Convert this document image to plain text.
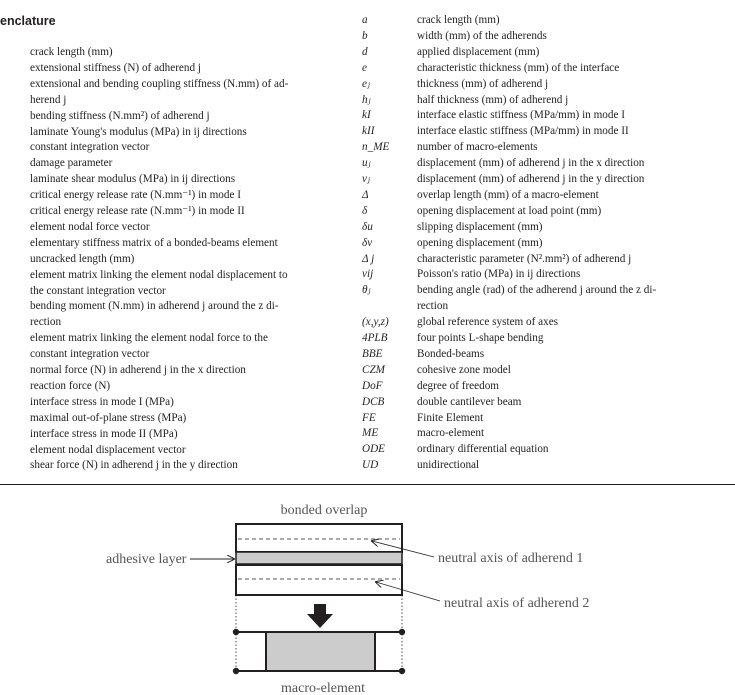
enclature
crack length (mm)
extensional stiffness (N) of adherend j
extensional and bending coupling stiffness (N.mm) of ad-
herend j
bending stiffness (N.mm²) of adherend j
laminate Young's modulus (MPa) in ij directions
constant integration vector
damage parameter
laminate shear modulus (MPa) in ij directions
critical energy release rate (N.mm⁻¹) in mode I
critical energy release rate (N.mm⁻¹) in mode II
element nodal force vector
elementary stiffness matrix of a bonded-beams element
uncracked length (mm)
element matrix linking the element nodal displacement to
the constant integration vector
bending moment (N.mm) in adherend j around the z di-
rection
element matrix linking the element nodal force to the
constant integration vector
normal force (N) in adherend j in the x direction
reaction force (N)
interface stress in mode I (MPa)
maximal out-of-plane stress (MPa)
interface stress in mode II (MPa)
element nodal displacement vector
shear force (N) in adherend j in the y direction
a	crack length (mm)
b	width (mm) of the adherends
d	applied displacement (mm)
e	characteristic thickness (mm) of the interface
eⱼ	thickness (mm) of adherend j
hⱼ	half thickness (mm) of adherend j
kI	interface elastic stiffness (MPa/mm) in mode I
kII	interface elastic stiffness (MPa/mm) in mode II
n_ME number of macro-elements
uⱼ	displacement (mm) of adherend j in the x direction
vⱼ	displacement (mm) of adherend j in the y direction
Δ	overlap length (mm) of a macro-element
δ	opening displacement at load point (mm)
δu	slipping displacement (mm)
δv	opening displacement (mm)
Δ j	characteristic parameter (N².mm²) of adherend j
νij	Poisson's ratio (MPa) in ij directions
θⱼ	bending angle (rad) of the adherend j around the z di-
rection
(x,y,z)	global reference system of axes
4PLB	four points L-shape bending
BBE	Bonded-beams
CZM	cohesive zone model
DoF	degree of freedom
DCB	double cantilever beam
FE	Finite Element
ME	macro-element
ODE	ordinary differential equation
UD	unidirectional
bonded overlap
adhesive layer	neutral axis of adherend 1
neutral axis of adherend 2
macro-element
